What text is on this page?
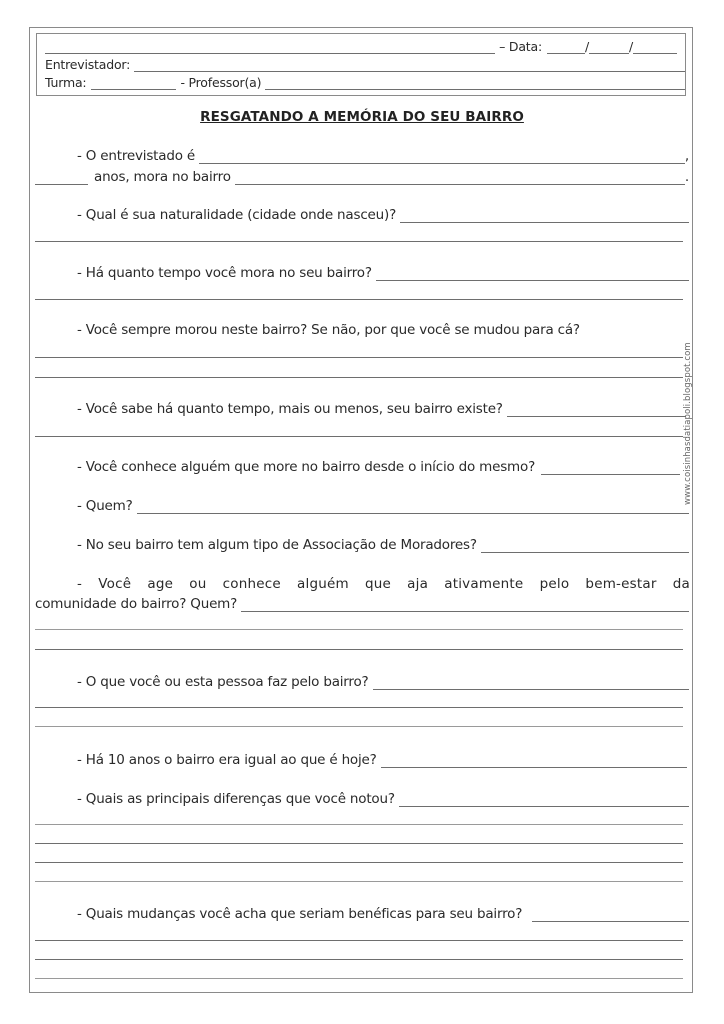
– Data:	/	/
Entrevistador:
Turma:	- Professor(a)
RESGATANDO A MEMÓRIA DO SEU BAIRRO
- O entrevistado é	,
anos, mora no bairro	.
- Qual é sua naturalidade (cidade onde nasceu)?
- Há quanto tempo você mora no seu bairro?
- Você sempre morou neste bairro? Se não, por que você se mudou para cá?
- Você sabe há quanto tempo, mais ou menos, seu bairro existe?
- Você conhece alguém que more no bairro desde o início do mesmo?
- Quem?
- No seu bairro tem algum tipo de Associação de Moradores?
- Você age ou conhece alguém que aja ativamente pelo bem-estar da
comunidade do bairro? Quem?
- O que você ou esta pessoa faz pelo bairro?
- Há 10 anos o bairro era igual ao que é hoje?
- Quais as principais diferenças que você notou?
- Quais mudanças você acha que seriam benéficas para seu bairro?
www.coisinhasdatiapoli.blogspot.com
